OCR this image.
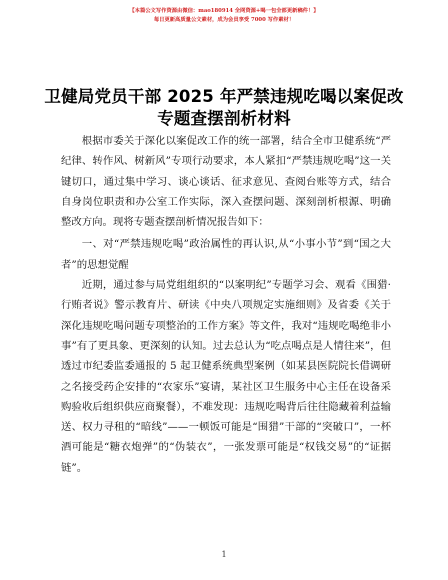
【本篇公文写作资源由微信：mao180914 全网资源+喝一包全部更新稿件！】
每日更新高质量公文素材，成为会员享受 7000 写作素材！
卫健局党员干部 2025 年严禁违规吃喝以案促改
专题查摆剖析材料

根据市委关于深化以案促改工作的统一部署，结合全市卫健系统“严纪律、转作风、树新风”专项行动要求，本人紧扣“严禁违规吃喝”这一关键切口，通过集中学习、谈心谈话、征求意见、查阅台账等方式，结合自身岗位职责和办公室工作实际，深入查摆问题、深刻剖析根源、明确整改方向。现将专题查摆剖析情况报告如下：

一、对“严禁违规吃喝”政治属性的再认识,从“小事小节”到“国之大者”的思想觉醒

近期，通过参与局党组组织的“以案明纪”专题学习会、观看《围猎·行贿者说》警示教育片、研读《中央八项规定实施细则》及省委《关于深化违规吃喝问题专项整治的工作方案》等文件，我对“违规吃喝绝非小事”有了更具象、更深刻的认知。过去总认为“吃点喝点是人情往来”，但透过市纪委监委通报的 5 起卫健系统典型案例（如某县医院院长借调研之名接受药企安排的“农家乐”宴请，某社区卫生服务中心主任在设备采购验收后组织供应商聚餐），不难发现：违规吃喝背后往往隐藏着利益输送、权力寻租的“暗线”——一顿饭可能是“围猎”干部的“突破口”，一杯酒可能是“糖衣炮弹”的“伪装衣”，一张发票可能是“权钱交易”的“证据链”。

1
